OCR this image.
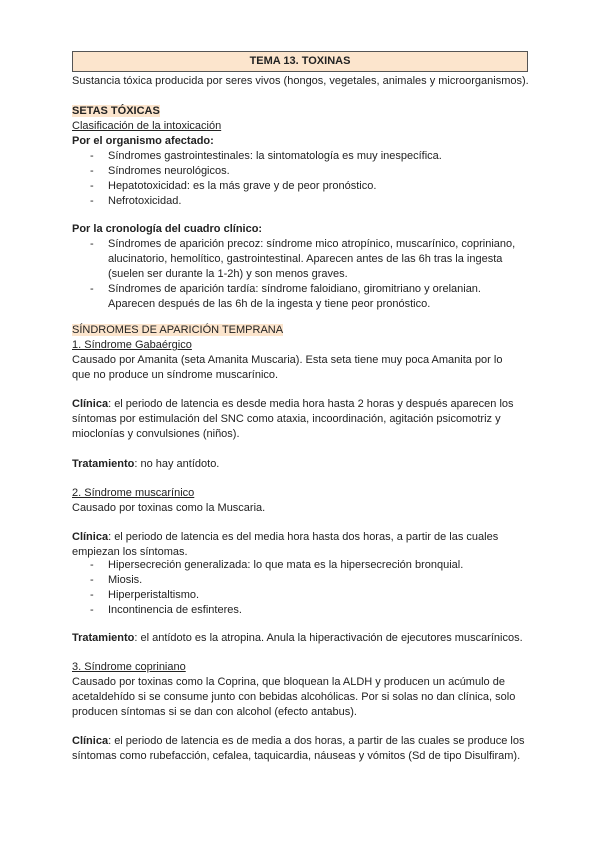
TEMA 13. TOXINAS
Sustancia tóxica producida por seres vivos (hongos, vegetales, animales y microorganismos).
SETAS TÓXICAS
Clasificación de la intoxicación
Por el organismo afectado:
- Síndromes gastrointestinales: la sintomatología es muy inespecífica.
- Síndromes neurológicos.
- Hepatotoxicidad: es la más grave y de peor pronóstico.
- Nefrotoxicidad.
Por la cronología del cuadro clínico:
- Síndromes de aparición precoz: síndrome mico atropínico, muscarínico, copriniano,
alucinatorio, hemolítico, gastrointestinal. Aparecen antes de las 6h tras la ingesta
(suelen ser durante la 1-2h) y son menos graves.
- Síndromes de aparición tardía: síndrome faloidiano, giromitriano y orelanian.
Aparecen después de las 6h de la ingesta y tiene peor pronóstico.
SÍNDROMES DE APARICIÓN TEMPRANA
1. Síndrome Gabaérgico
Causado por Amanita (seta Amanita Muscaria). Esta seta tiene muy poca Amanita por lo
que no produce un síndrome muscarínico.
Clínica: el periodo de latencia es desde media hora hasta 2 horas y después aparecen los
síntomas por estimulación del SNC como ataxia, incoordinación, agitación psicomotriz y
mioclonías y convulsiones (niños).
Tratamiento: no hay antídoto.
2. Síndrome muscarínico
Causado por toxinas como la Muscaria.
Clínica: el periodo de latencia es del media hora hasta dos horas, a partir de las cuales
empiezan los síntomas.
- Hipersecreción generalizada: lo que mata es la hipersecreción bronquial.
- Miosis.
- Hiperperistaltismo.
- Incontinencia de esfinteres.
Tratamiento: el antídoto es la atropina. Anula la hiperactivación de ejecutores muscarínicos.
3. Síndrome copriniano
Causado por toxinas como la Coprina, que bloquean la ALDH y producen un acúmulo de
acetaldehído si se consume junto con bebidas alcohólicas. Por si solas no dan clínica, solo
producen síntomas si se dan con alcohol (efecto antabus).
Clínica: el periodo de latencia es de media a dos horas, a partir de las cuales se produce los
síntomas como rubefacción, cefalea, taquicardia, náuseas y vómitos (Sd de tipo Disulfiram).
